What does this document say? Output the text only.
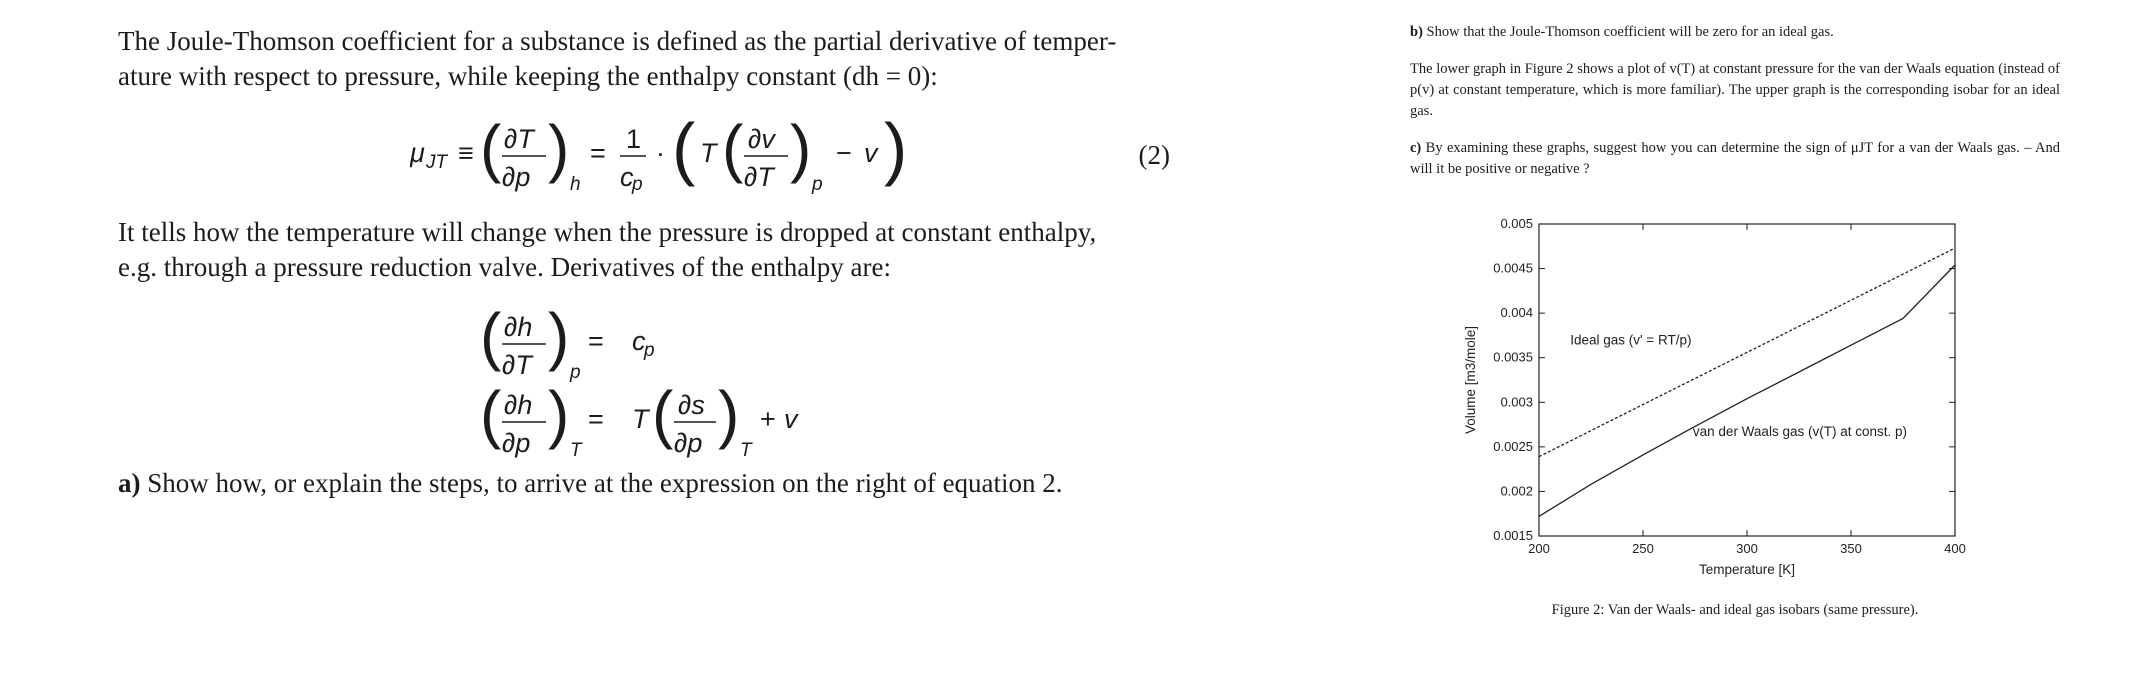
The Joule-Thomson coefficient for a substance is defined as the partial derivative of temper-
ature with respect to pressure, while keeping the enthalpy constant (dh = 0):

μ JT ≡ ( ∂T
∂p )
h
= 1
c
p
· ( T ( ∂v
∂T )
p
− v )	(2)
It tells how the temperature will change when the pressure is dropped at constant enthalpy,
e.g. through a pressure reduction valve. Derivatives of the enthalpy are:
( ∂h
∂T )
p
= c
p
( ∂h
∂p )
T
= T ( ∂s
∂p )
T
+ v
a) Show how, or explain the steps, to arrive at the expression on the right of equation 2.

b) Show that the Joule-Thomson coefficient will be zero for an ideal gas.

The lower graph in Figure 2 shows a plot of v(T) at constant pressure for the van der Waals equation (instead of p(v) at constant temperature, which is more familiar). The upper graph is the corresponding isobar for an ideal gas.

c) By examining these graphs, suggest how you can determine the sign of μJT for a van der Waals gas. – And will it be positive or negative ?

200	250	300	350	400
0.0015
0.002
0.0025
0.003
0.0035
0.004
0.0045
0.005
Temperature [K]
Volume [m3/mole]	Ideal gas (v' = RT/p)
van der Waals gas (v(T) at const. p)
Figure 2: Van der Waals- and ideal gas isobars (same pressure).
